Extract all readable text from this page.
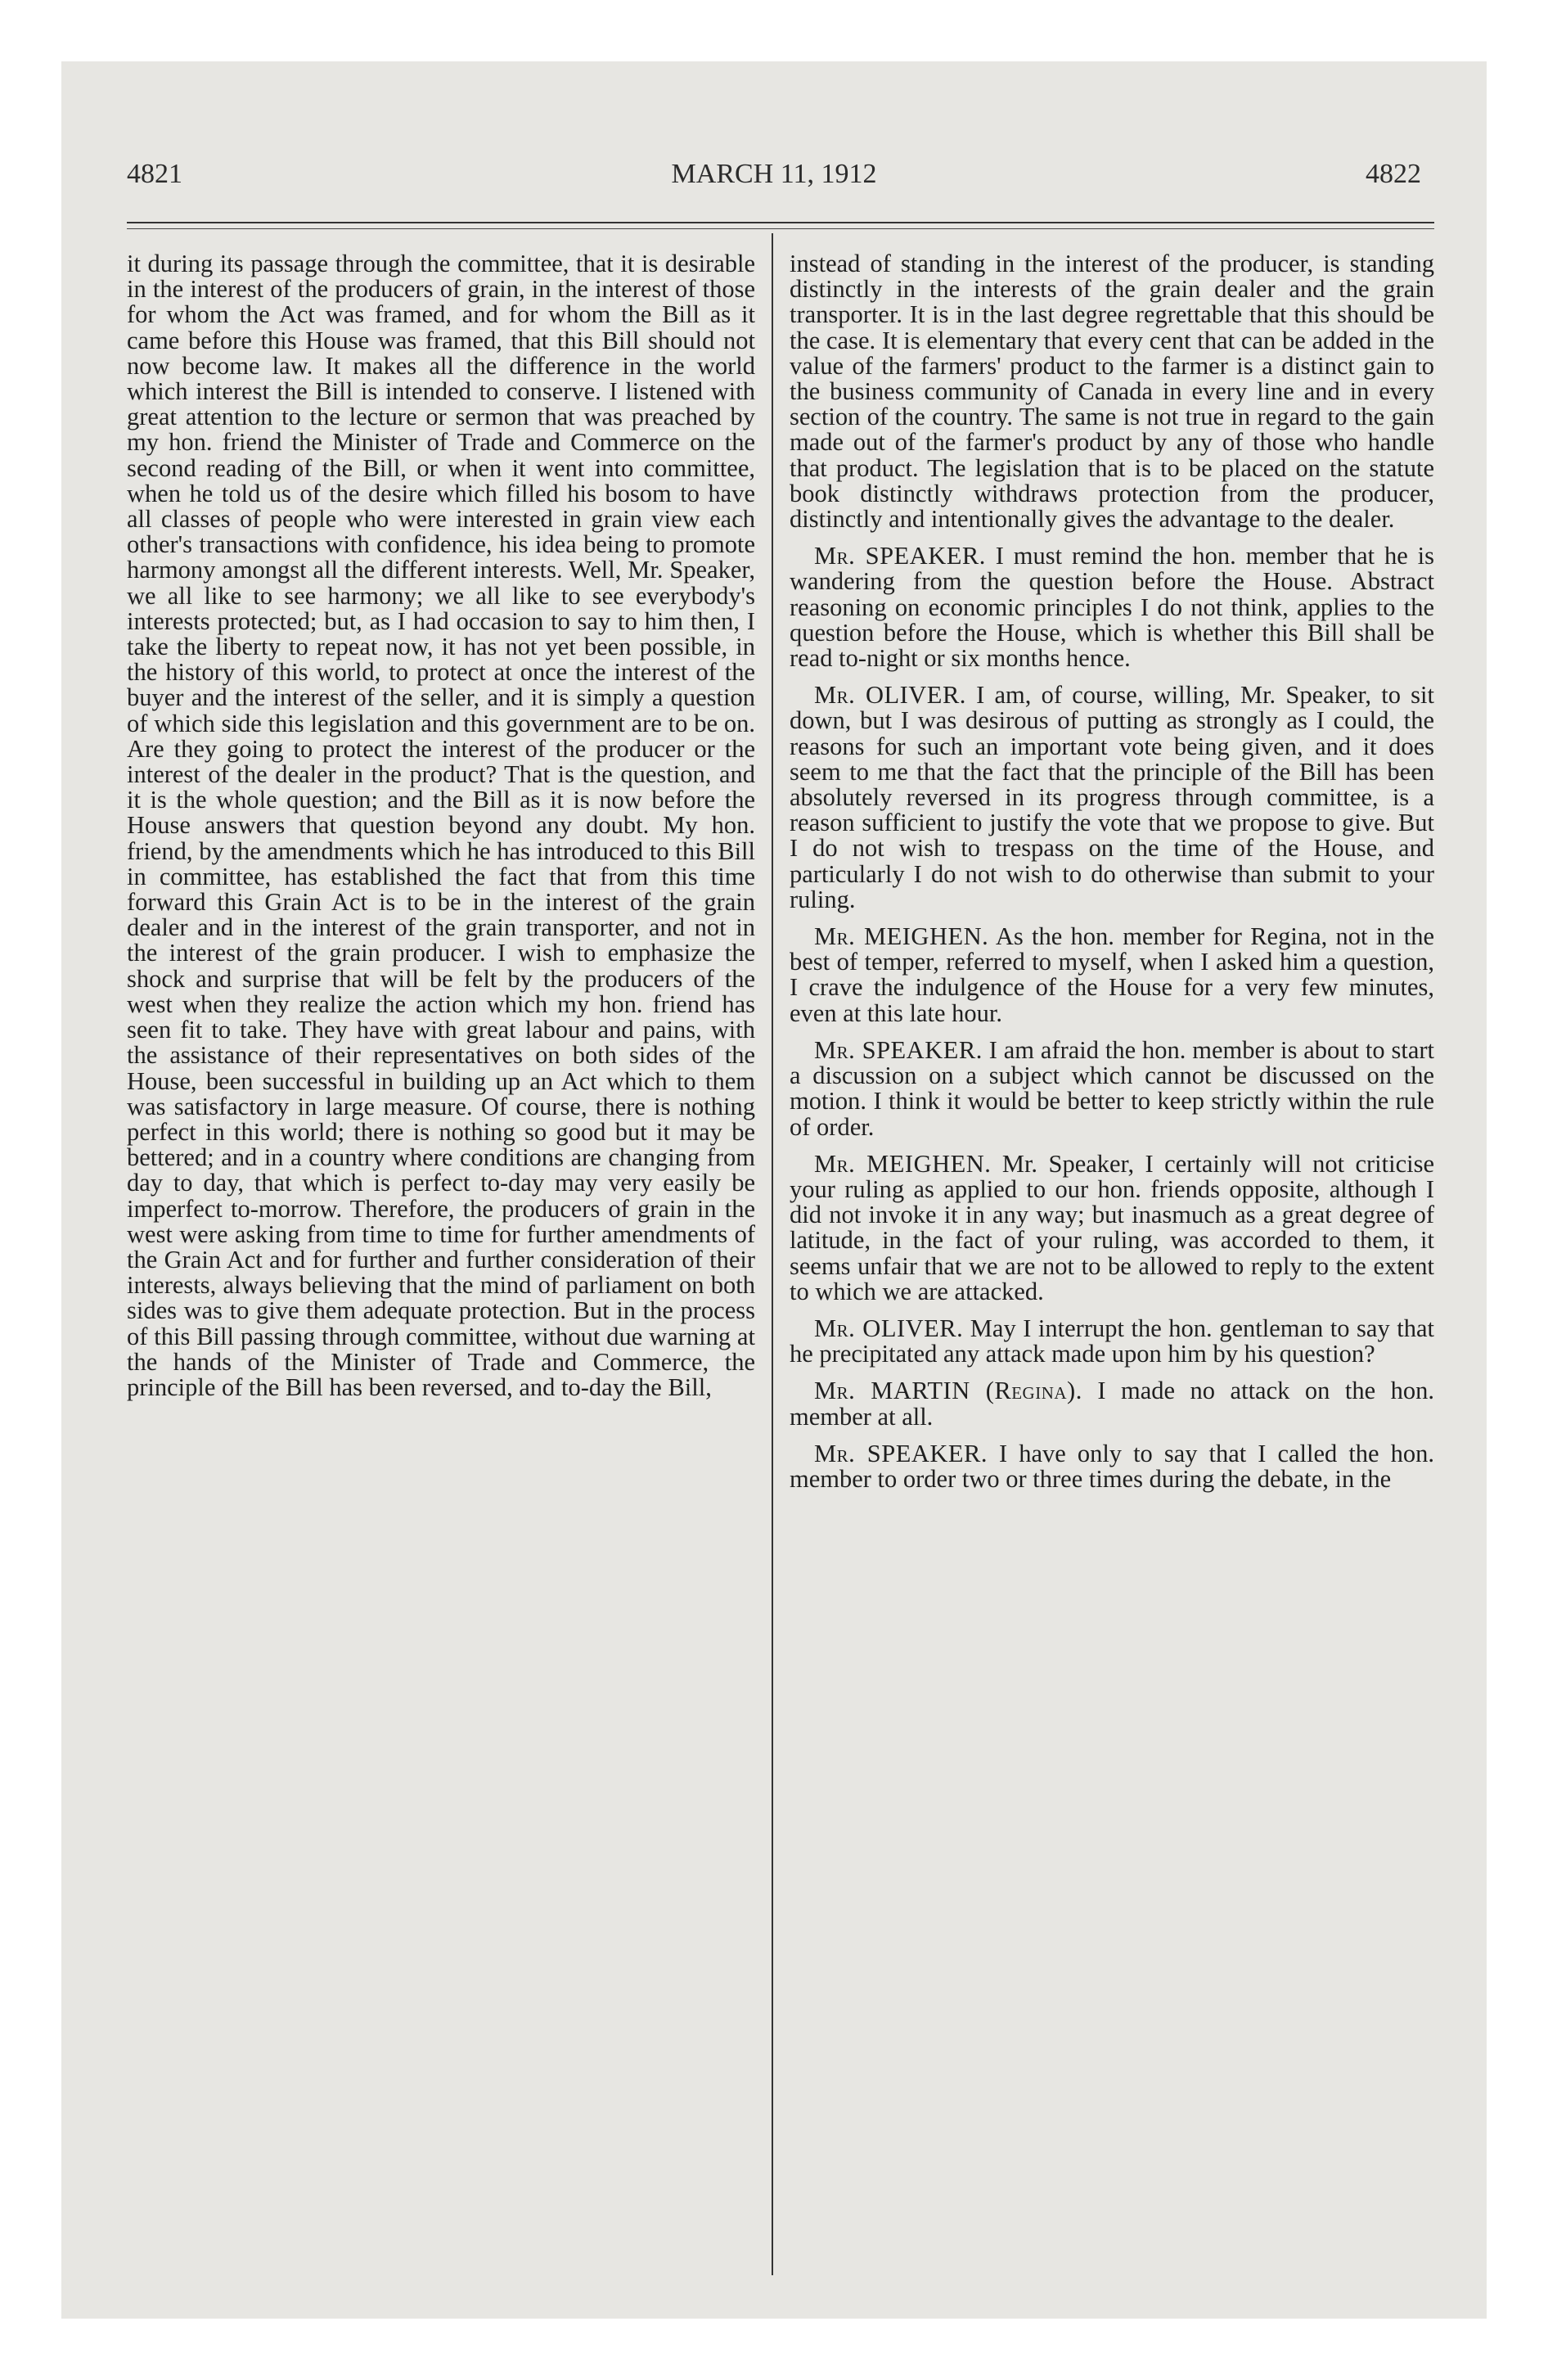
4821	MARCH 11, 1912	4822

it during its passage through the committee, that it is desirable in the interest of the producers of grain, in the interest of those for whom the Act was framed, and for whom the Bill as it came before this House was framed, that this Bill should not now become law. It makes all the difference in the world which interest the Bill is intended to conserve. I listened with great attention to the lecture or sermon that was preached by my hon. friend the Minister of Trade and Commerce on the second reading of the Bill, or when it went into committee, when he told us of the desire which filled his bosom to have all classes of people who were interested in grain view each other's transactions with confidence, his idea being to promote harmony amongst all the different interests. Well, Mr. Speaker, we all like to see harmony; we all like to see everybody's interests protected; but, as I had occasion to say to him then, I take the liberty to repeat now, it has not yet been possible, in the history of this world, to protect at once the interest of the buyer and the interest of the seller, and it is simply a question of which side this legislation and this government are to be on. Are they going to protect the interest of the producer or the interest of the dealer in the product? That is the question, and it is the whole question; and the Bill as it is now before the House answers that question beyond any doubt. My hon. friend, by the amendments which he has introduced to this Bill in committee, has established the fact that from this time forward this Grain Act is to be in the interest of the grain dealer and in the interest of the grain transporter, and not in the interest of the grain producer. I wish to emphasize the shock and surprise that will be felt by the producers of the west when they realize the action which my hon. friend has seen fit to take. They have with great labour and pains, with the assistance of their representatives on both sides of the House, been successful in building up an Act which to them was satisfactory in large measure. Of course, there is nothing perfect in this world; there is nothing so good but it may be bettered; and in a country where conditions are changing from day to day, that which is perfect to-day may very easily be imperfect to-morrow. Therefore, the producers of grain in the west were asking from time to time for further amendments of the Grain Act and for further and further consideration of their interests, always believing that the mind of parliament on both sides was to give them adequate protection. But in the process of this Bill passing through committee, without due warning at the hands of the Minister of Trade and Commerce, the principle of the Bill has been reversed, and to-day the Bill,

instead of standing in the interest of the producer, is standing distinctly in the interests of the grain dealer and the grain transporter. It is in the last degree regrettable that this should be the case. It is elementary that every cent that can be added in the value of the farmers' product to the farmer is a distinct gain to the business community of Canada in every line and in every section of the country. The same is not true in regard to the gain made out of the farmer's product by any of those who handle that product. The legislation that is to be placed on the statute book distinctly withdraws protection from the producer, distinctly and intentionally gives the advantage to the dealer.

Mr. SPEAKER. I must remind the hon. member that he is wandering from the question before the House. Abstract reasoning on economic principles I do not think, applies to the question before the House, which is whether this Bill shall be read to-night or six months hence.

Mr. OLIVER. I am, of course, willing, Mr. Speaker, to sit down, but I was desirous of putting as strongly as I could, the reasons for such an important vote being given, and it does seem to me that the fact that the principle of the Bill has been absolutely reversed in its progress through committee, is a reason sufficient to justify the vote that we propose to give. But I do not wish to trespass on the time of the House, and particularly I do not wish to do otherwise than submit to your ruling.

Mr. MEIGHEN. As the hon. member for Regina, not in the best of temper, referred to myself, when I asked him a question, I crave the indulgence of the House for a very few minutes, even at this late hour.

Mr. SPEAKER. I am afraid the hon. member is about to start a discussion on a subject which cannot be discussed on the motion. I think it would be better to keep strictly within the rule of order.

Mr. MEIGHEN. Mr. Speaker, I certainly will not criticise your ruling as applied to our hon. friends opposite, although I did not invoke it in any way; but inasmuch as a great degree of latitude, in the fact of your ruling, was accorded to them, it seems unfair that we are not to be allowed to reply to the extent to which we are attacked.

Mr. OLIVER. May I interrupt the hon. gentleman to say that he precipitated any attack made upon him by his question?

Mr. MARTIN (Regina). I made no attack on the hon. member at all.

Mr. SPEAKER. I have only to say that I called the hon. member to order two or three times during the debate, in the
